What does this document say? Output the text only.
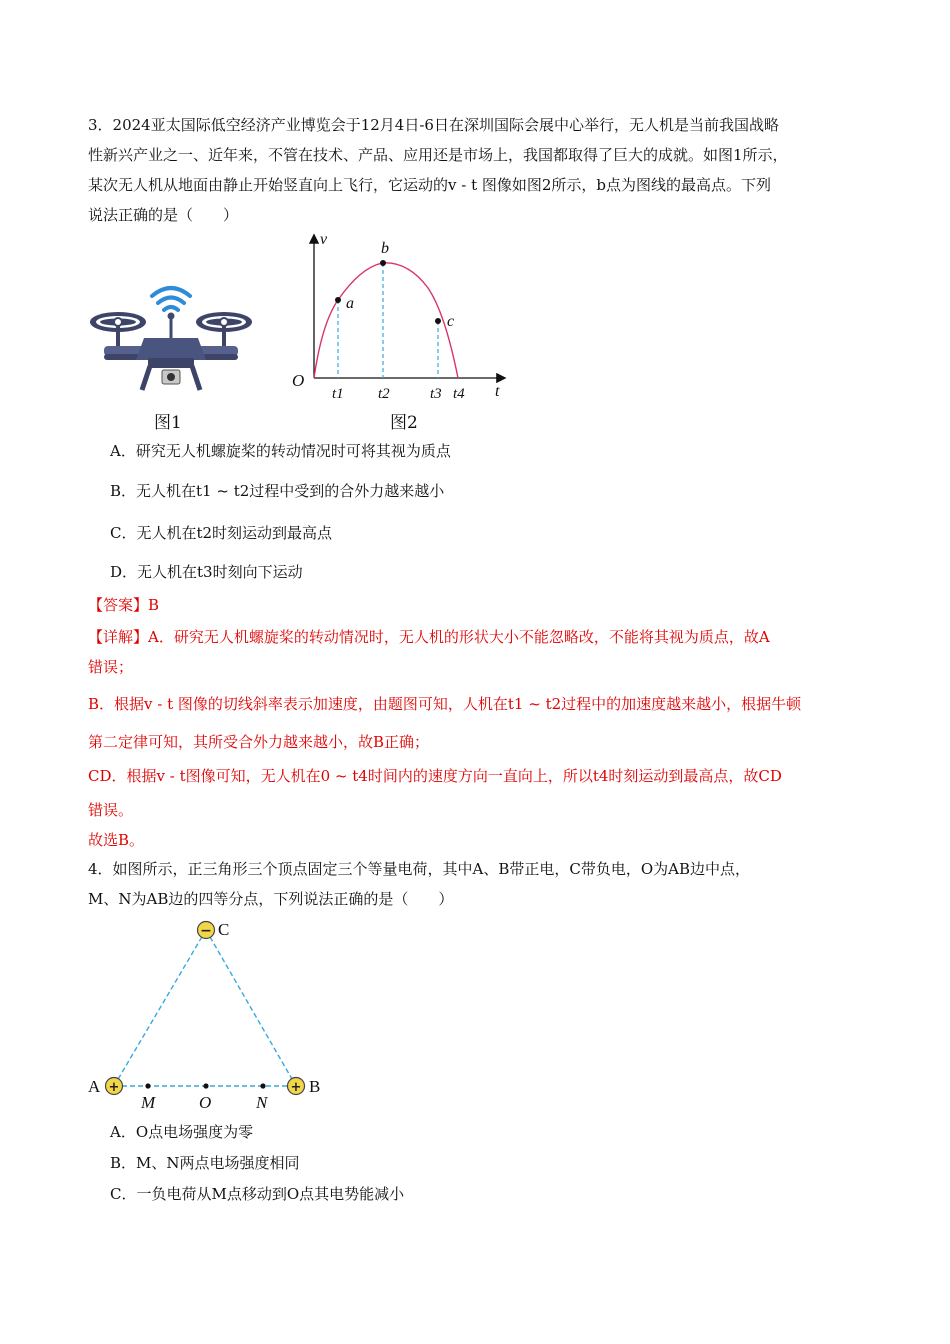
3．2024亚太国际低空经济产业博览会于12月4日-6日在深圳国际会展中心举行，无人机是当前我国战略
性新兴产业之一、近年来，不管在技术、产品、应用还是市场上，我国都取得了巨大的成就。如图1所示，
某次无人机从地面由静止开始竖直向上飞行，它运动的v - t 图像如图2所示，b点为图线的最高点。下列
说法正确的是（　　）
图1
v
t
a
b
c
O
t1 t2	t3 t4
图2
A．研究无人机螺旋桨的转动情况时可将其视为质点
B．无人机在t1 ~ t2过程中受到的合外力越来越小
C．无人机在t2时刻运动到最高点
D．无人机在t3时刻向下运动
【答案】B
【详解】A．研究无人机螺旋桨的转动情况时，无人机的形状大小不能忽略改，不能将其视为质点，故A
错误；
B．根据v - t 图像的切线斜率表示加速度，由题图可知，人机在t1 ~ t2过程中的加速度越来越小，根据牛顿
第二定律可知，其所受合外力越来越小，故B正确；
CD．根据v - t图像可知，无人机在0 ~ t4时间内的速度方向一直向上，所以t4时刻运动到最高点，故CD
错误。
故选B。
4．如图所示，正三角形三个顶点固定三个等量电荷，其中A、B带正电，C带负电，O为AB边中点，
M、N为AB边的四等分点，下列说法正确的是（　　）
−
+	+
C
A	B
M	O	N
A．O点电场强度为零
B．M、N两点电场强度相同
C．一负电荷从M点移动到O点其电势能减小
